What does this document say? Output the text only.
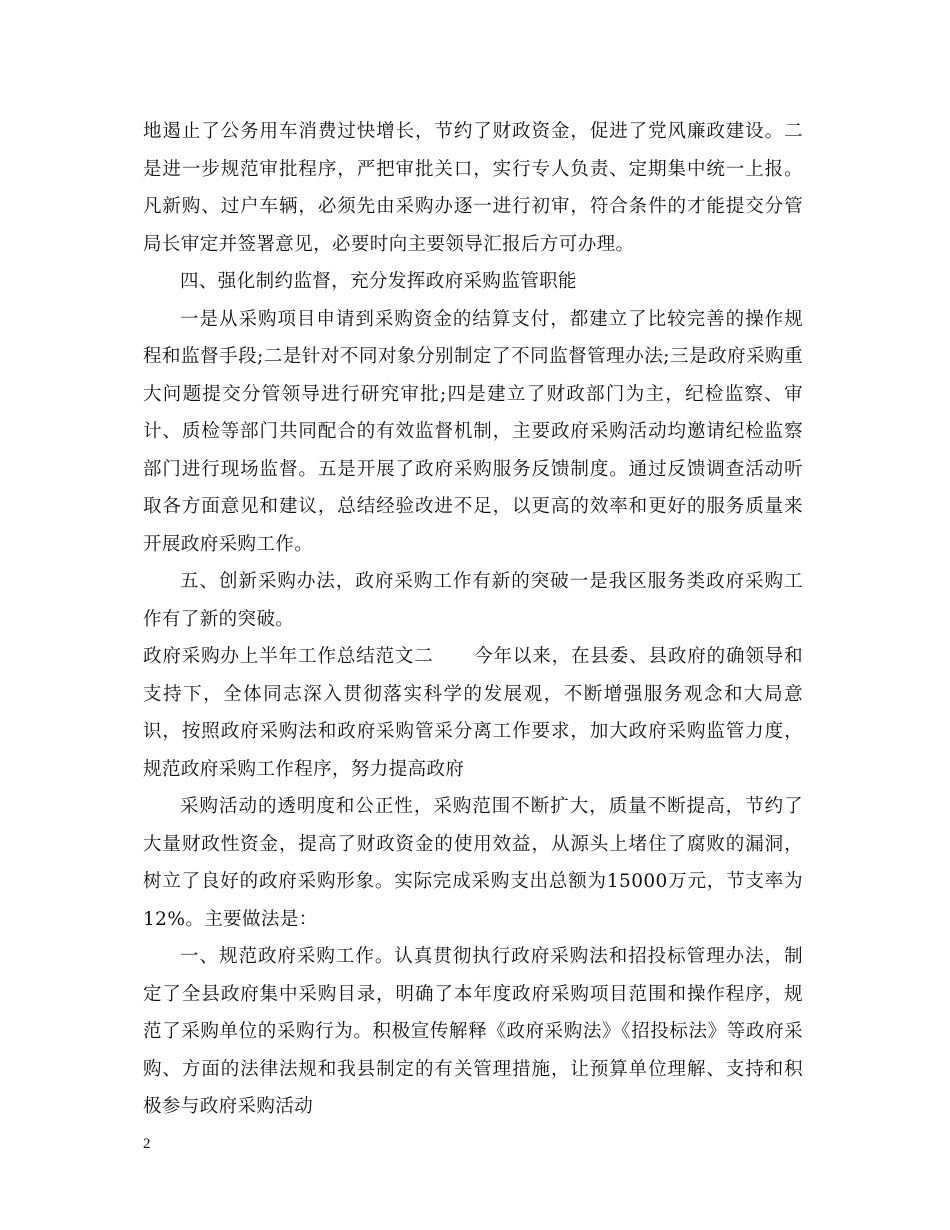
地遏止了公务用车消费过快增长，节约了财政资金，促进了党风廉政建设。二是进一步规范审批程序，严把审批关口，实行专人负责、定期集中统一上报。凡新购、过户车辆，必须先由采购办逐一进行初审，符合条件的才能提交分管局长审定并签署意见，必要时向主要领导汇报后方可办理。

四、强化制约监督，充分发挥政府采购监管职能

一是从采购项目申请到采购资金的结算支付，都建立了比较完善的操作规程和监督手段;二是针对不同对象分别制定了不同监督管理办法;三是政府采购重大问题提交分管领导进行研究审批;四是建立了财政部门为主，纪检监察、审计、质检等部门共同配合的有效监督机制，主要政府采购活动均邀请纪检监察部门进行现场监督。五是开展了政府采购服务反馈制度。通过反馈调查活动听取各方面意见和建议，总结经验改进不足，以更高的效率和更好的服务质量来开展政府采购工作。

五、创新采购办法，政府采购工作有新的突破一是我区服务类政府采购工作有了新的突破。

政府采购办上半年工作总结范文二 今年以来，在县委、县政府的确领导和支持下，全体同志深入贯彻落实科学的发展观，不断增强服务观念和大局意识，按照政府采购法和政府采购管采分离工作要求，加大政府采购监管力度，规范政府采购工作程序，努力提高政府

采购活动的透明度和公正性，采购范围不断扩大，质量不断提高，节约了大量财政性资金，提高了财政资金的使用效益，从源头上堵住了腐败的漏洞，树立了良好的政府采购形象。实际完成采购支出总额为15000万元，节支率为12%。主要做法是：

一、规范政府采购工作。认真贯彻执行政府采购法和招投标管理办法，制定了全县政府集中采购目录，明确了本年度政府采购项目范围和操作程序，规范了采购单位的采购行为。积极宣传解释《政府采购法》《招投标法》等政府采购、方面的法律法规和我县制定的有关管理措施，让预算单位理解、支持和积极参与政府采购活动

2
